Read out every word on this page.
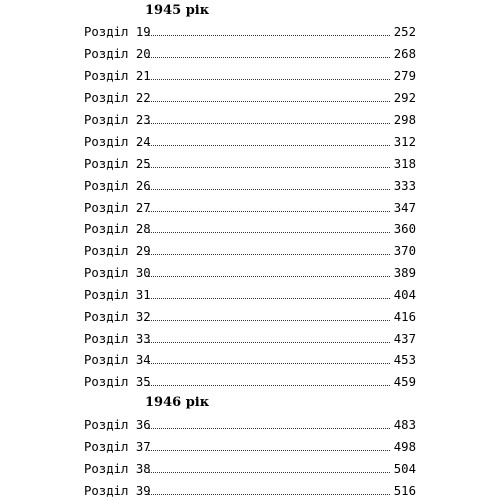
1945 рік
Розділ 19	252
Розділ 20	268
Розділ 21	279
Розділ 22	292
Розділ 23	298
Розділ 24	312
Розділ 25	318
Розділ 26	333
Розділ 27	347
Розділ 28	360
Розділ 29	370
Розділ 30	389
Розділ 31	404
Розділ 32	416
Розділ 33	437
Розділ 34	453
Розділ 35	459
1946 рік
Розділ 36	483
Розділ 37	498
Розділ 38	504
Розділ 39	516
